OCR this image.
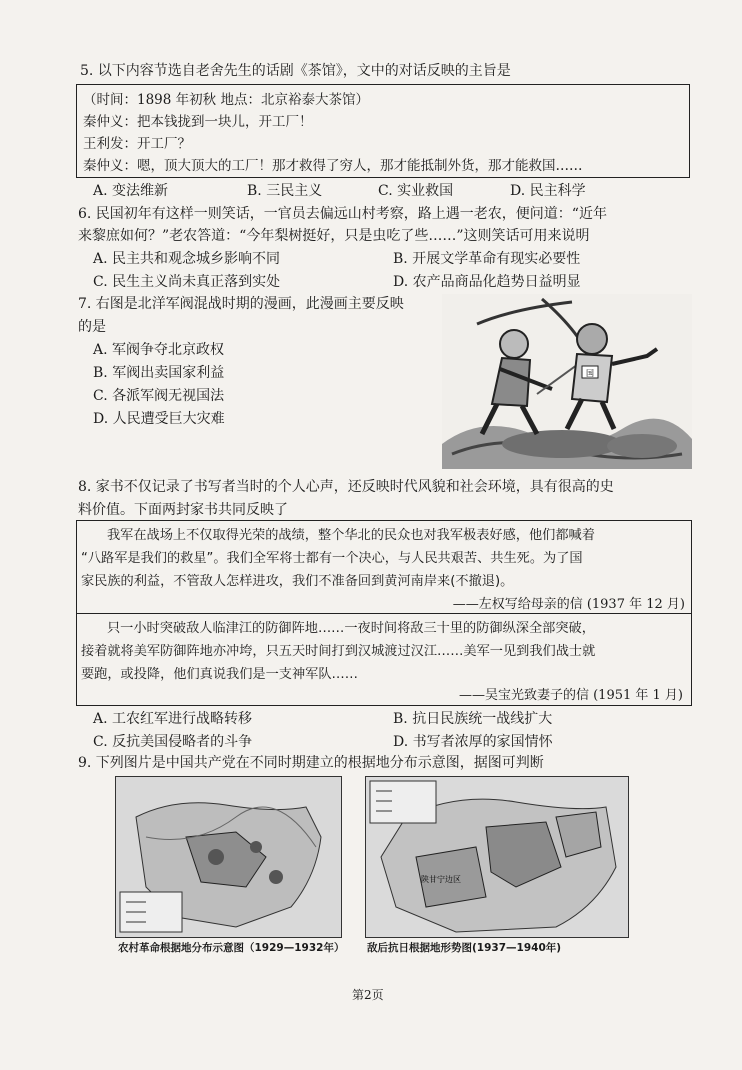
5. 以下内容节选自老舍先生的话剧《茶馆》，文中的对话反映的主旨是
（时间：1898 年初秋 地点：北京裕泰大茶馆）
秦仲义：把本钱拢到一块儿，开工厂！
王利发：开工厂？
秦仲义：嗯，顶大顶大的工厂！那才救得了穷人，那才能抵制外货，那才能救国……
A. 变法维新	B. 三民主义	C. 实业救国	D. 民主科学
6. 民国初年有这样一则笑话，一官员去偏远山村考察，路上遇一老农，便问道：“近年
来黎庶如何？”老农答道：“今年梨树挺好，只是虫吃了些……”这则笑话可用来说明
A. 民主共和观念城乡影响不同	B. 开展文学革命有现实必要性
C. 民生主义尚未真正落到实处	D. 农产品商品化趋势日益明显
7. 右图是北洋军阀混战时期的漫画，此漫画主要反映
的是
A. 军阀争夺北京政权
B. 军阀出卖国家利益
C. 各派军阀无视国法
D. 人民遭受巨大灾难
国
8. 家书不仅记录了书写者当时的个人心声，还反映时代风貌和社会环境，具有很高的史
料价值。下面两封家书共同反映了
我军在战场上不仅取得光荣的战绩，整个华北的民众也对我军极表好感，他们都喊着
“八路军是我们的救星”。我们全军将士都有一个决心，与人民共艰苦、共生死。为了国
家民族的利益，不管敌人怎样进攻，我们不准备回到黄河南岸来(不撤退)。
——左权写给母亲的信 (1937 年 12 月)
只一小时突破敌人临津江的防御阵地……一夜时间将敌三十里的防御纵深全部突破，
接着就将美军防御阵地亦冲垮，只五天时间打到汉城渡过汉江……美军一见到我们战士就
要跑，或投降，他们真说我们是一支神军队……
——吴宝光致妻子的信 (1951 年 1 月)
A. 工农红军进行战略转移	B. 抗日民族统一战线扩大
C. 反抗美国侵略者的斗争	D. 书写者浓厚的家国情怀
9. 下列图片是中国共产党在不同时期建立的根据地分布示意图，据图可判断
农村革命根据地分布示意图（1929—1932年）
陕甘宁边区
敌后抗日根据地形势图(1937—1940年)
第2页
